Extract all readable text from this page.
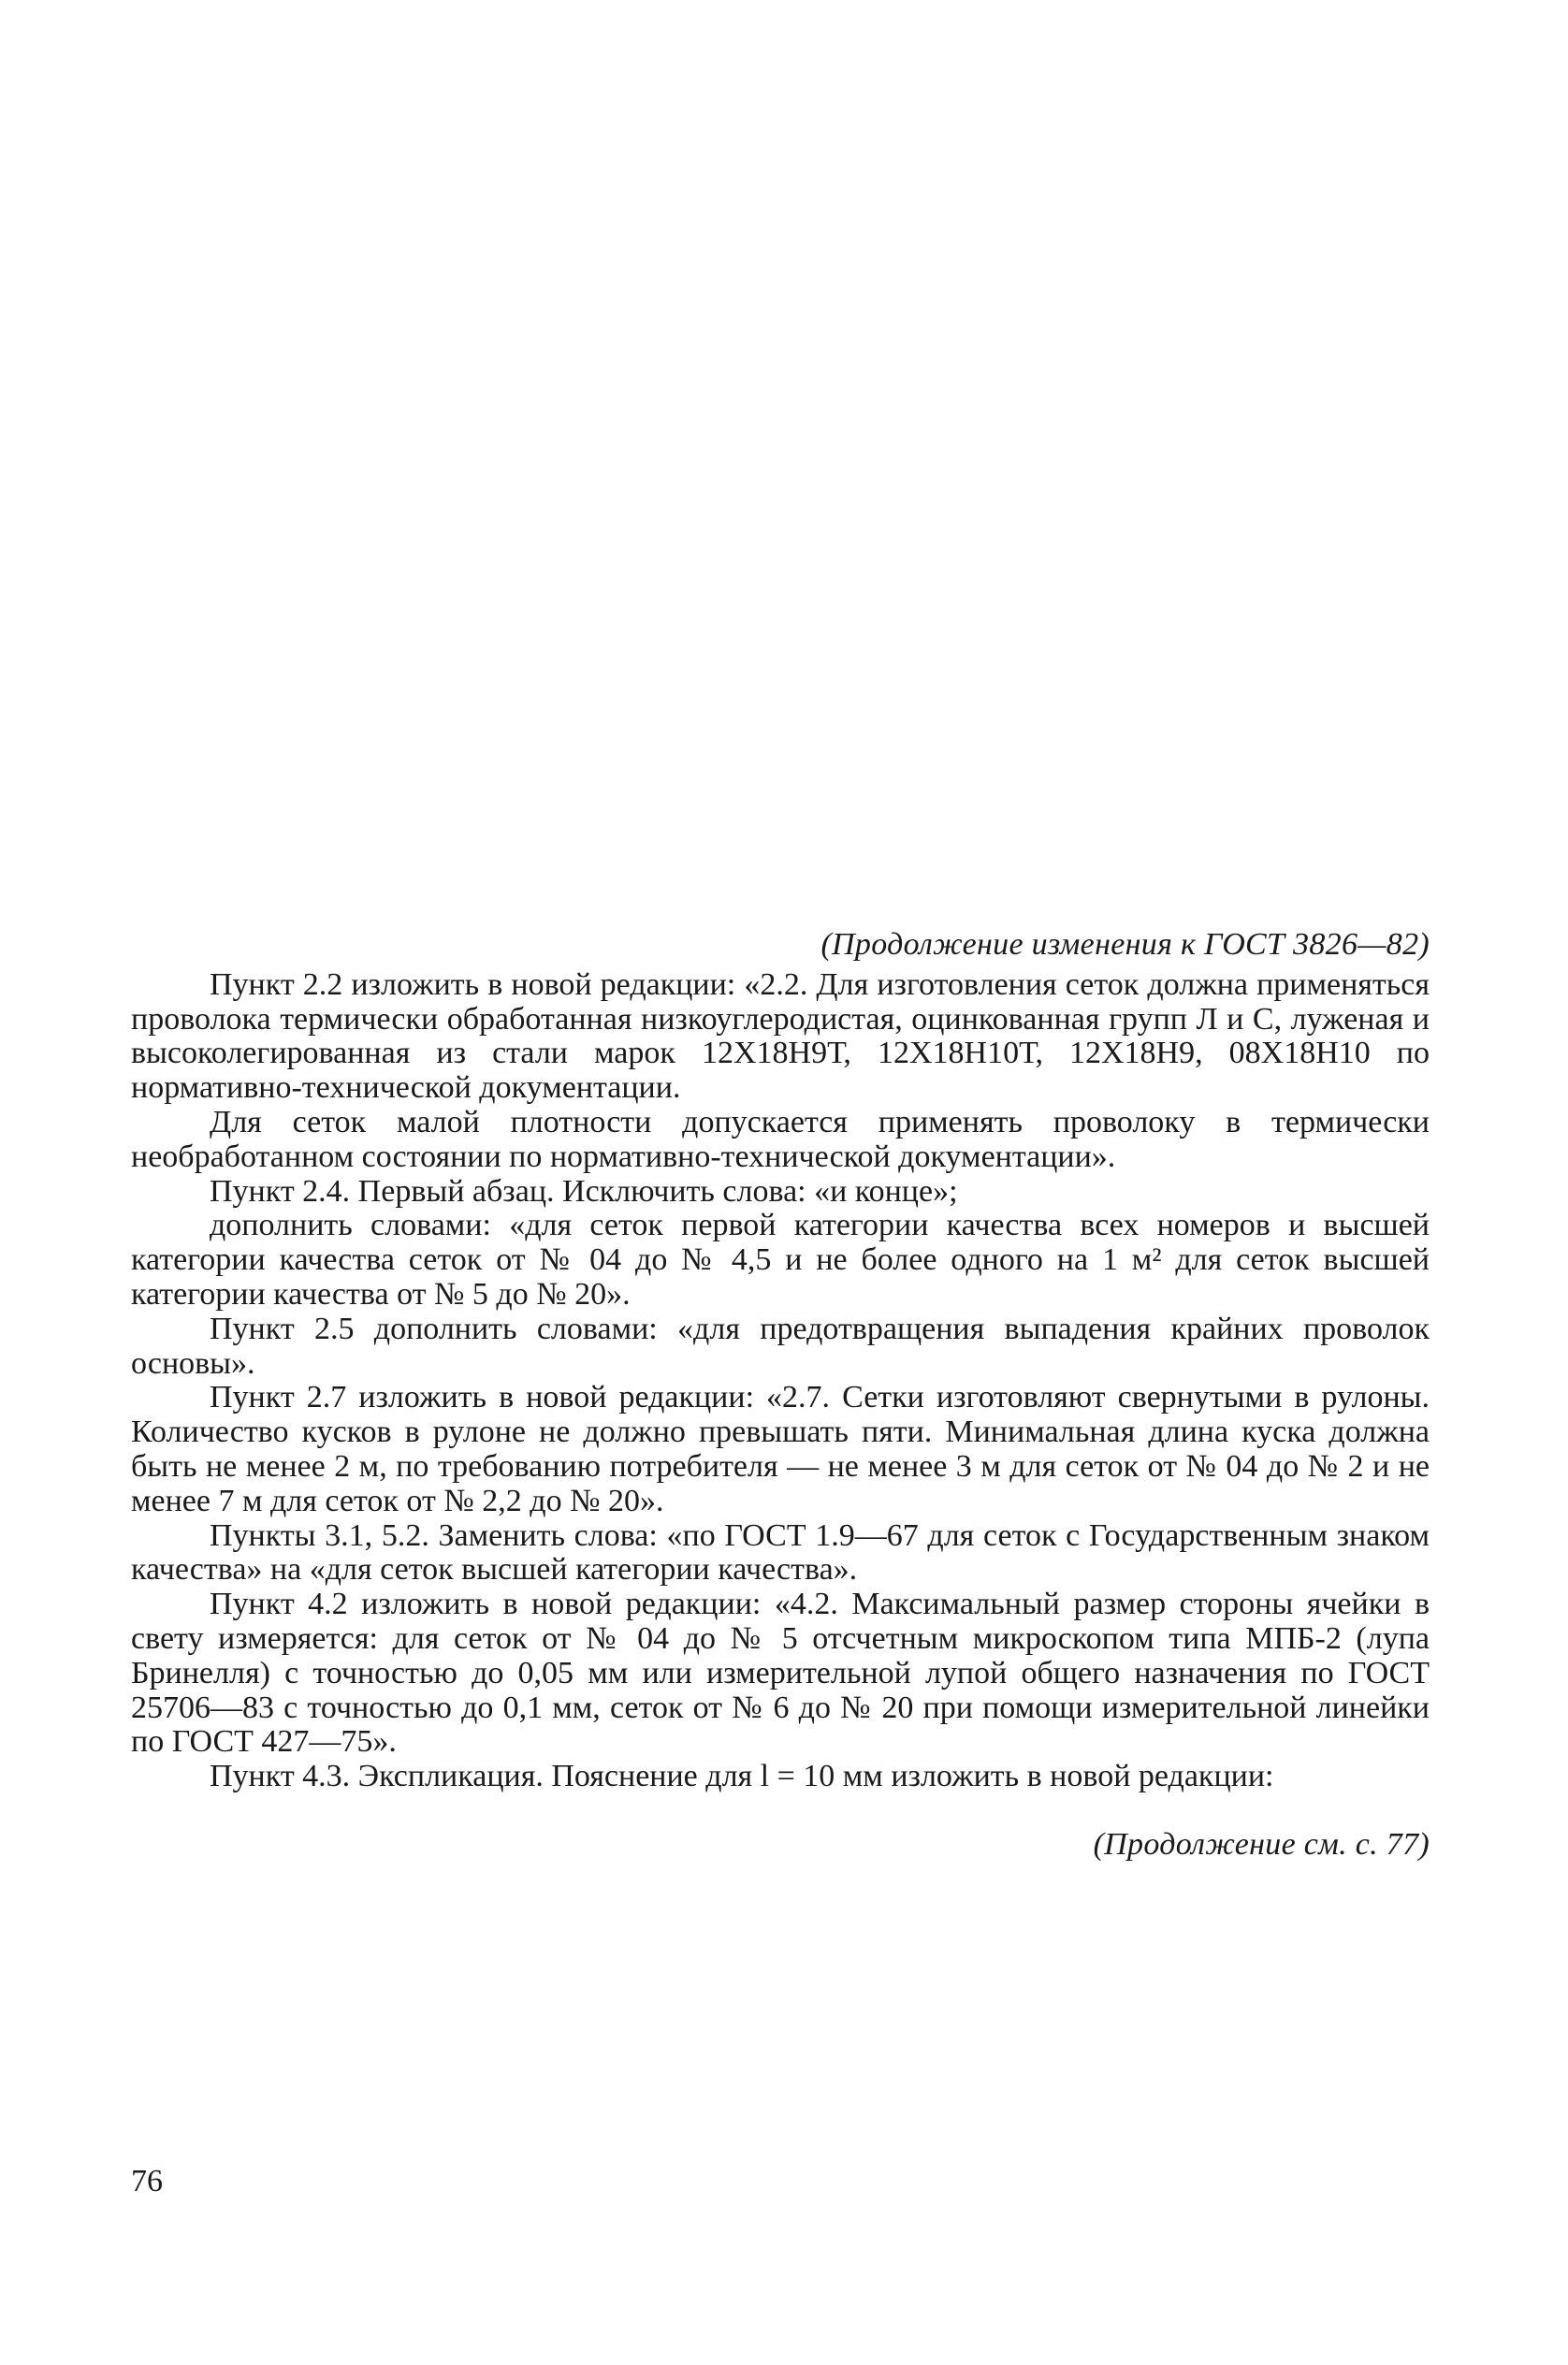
(Продолжение изменения к ГОСТ 3826—82)

Пункт 2.2 изложить в новой редакции: «2.2. Для изготовления сеток должна применяться проволока термически обработанная низкоуглеродистая, оцинкованная групп Л и С, луженая и высоколегированная из стали марок 12Х18Н9Т, 12Х18Н10Т, 12Х18Н9, 08Х18Н10 по нормативно-технической документации.

Для сеток малой плотности допускается применять проволоку в термически необработанном состоянии по нормативно-технической документации».

Пункт 2.4. Первый абзац. Исключить слова: «и конце»;

дополнить словами: «для сеток первой категории качества всех номеров и высшей категории качества сеток от № 04 до № 4,5 и не более одного на 1 м² для сеток высшей категории качества от № 5 до № 20».

Пункт 2.5 дополнить словами: «для предотвращения выпадения крайних проволок основы».

Пункт 2.7 изложить в новой редакции: «2.7. Сетки изготовляют свернутыми в рулоны. Количество кусков в рулоне не должно превышать пяти. Минимальная длина куска должна быть не менее 2 м, по требованию потребителя — не менее 3 м для сеток от № 04 до № 2 и не менее 7 м для сеток от № 2,2 до № 20».

Пункты 3.1, 5.2. Заменить слова: «по ГОСТ 1.9—67 для сеток с Государственным знаком качества» на «для сеток высшей категории качества».

Пункт 4.2 изложить в новой редакции: «4.2. Максимальный размер стороны ячейки в свету измеряется: для сеток от № 04 до № 5 отсчетным микроскопом типа МПБ-2 (лупа Бринелля) с точностью до 0,05 мм или измерительной лупой общего назначения по ГОСТ 25706—83 с точностью до 0,1 мм, сеток от № 6 до № 20 при помощи измерительной линейки по ГОСТ 427—75».

Пункт 4.3. Экспликация. Пояснение для l = 10 мм изложить в новой редакции:

(Продолжение см. с. 77)

76
